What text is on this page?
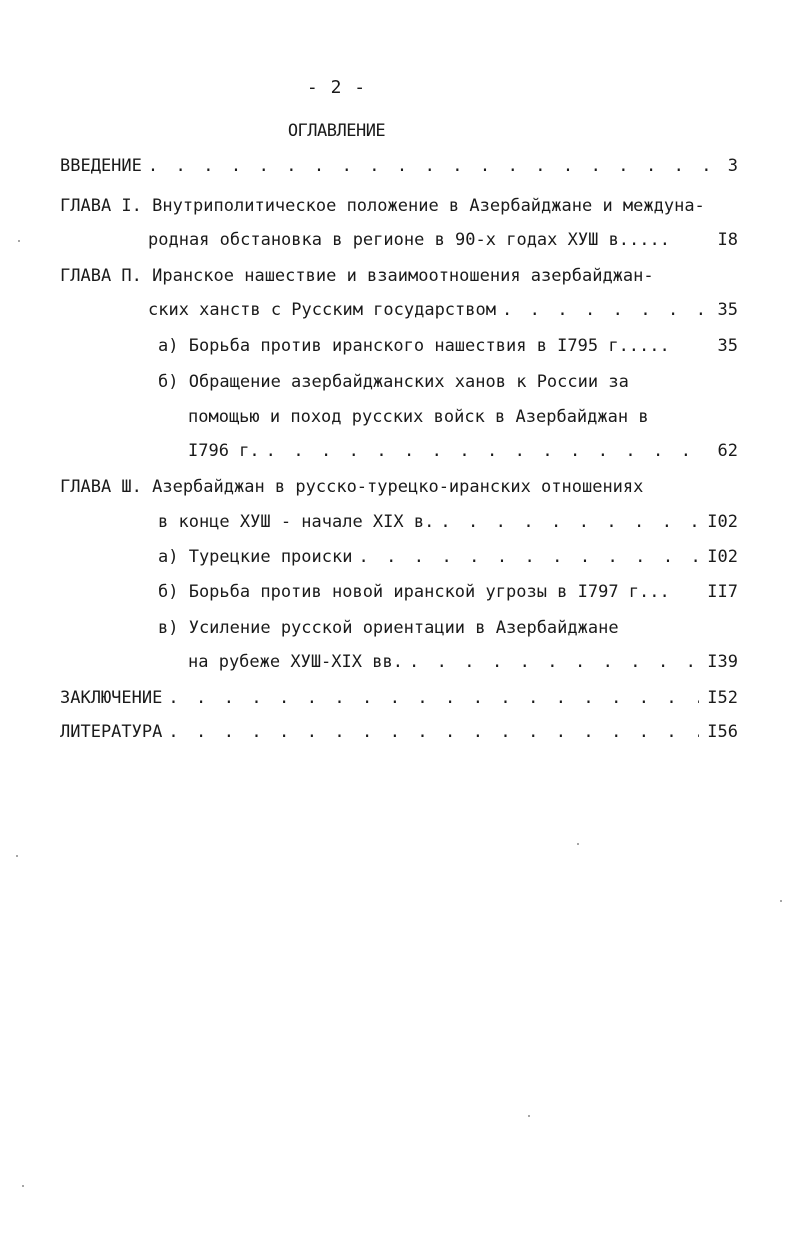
- 2 -
ОГЛАВЛЕНИЕ
ВВЕДЕНИЕ . . .	3
ГЛАВА I. Внутриполитическое положение в Азербайджане и междуна-
родная обстановка в регионе в 90-х годах ХУШ в.....	I8
ГЛАВА П. Иранское нашествие и взаимоотношения азербайджан-
ских ханств с Русским государством . . .	35
а) Борьба против иранского нашествия в I795 г.....	35
б) Обращение азербайджанских ханов к России за
помощью и поход русских войск в Азербайджан в
I796 г. . . .	62
ГЛАВА Ш. Азербайджан в русско-турецко-иранских отношениях
в конце ХУШ - начале XIX в. . . .	I02
а) Турецкие происки . . .	I02
б) Борьба против новой иранской угрозы в I797 г...	II7
в) Усиление русской ориентации в Азербайджане
на рубеже ХУШ-XIX вв. . . .	I39
ЗАКЛЮЧЕНИЕ . . .	I52
ЛИТЕРАТУРА . . .	I56
